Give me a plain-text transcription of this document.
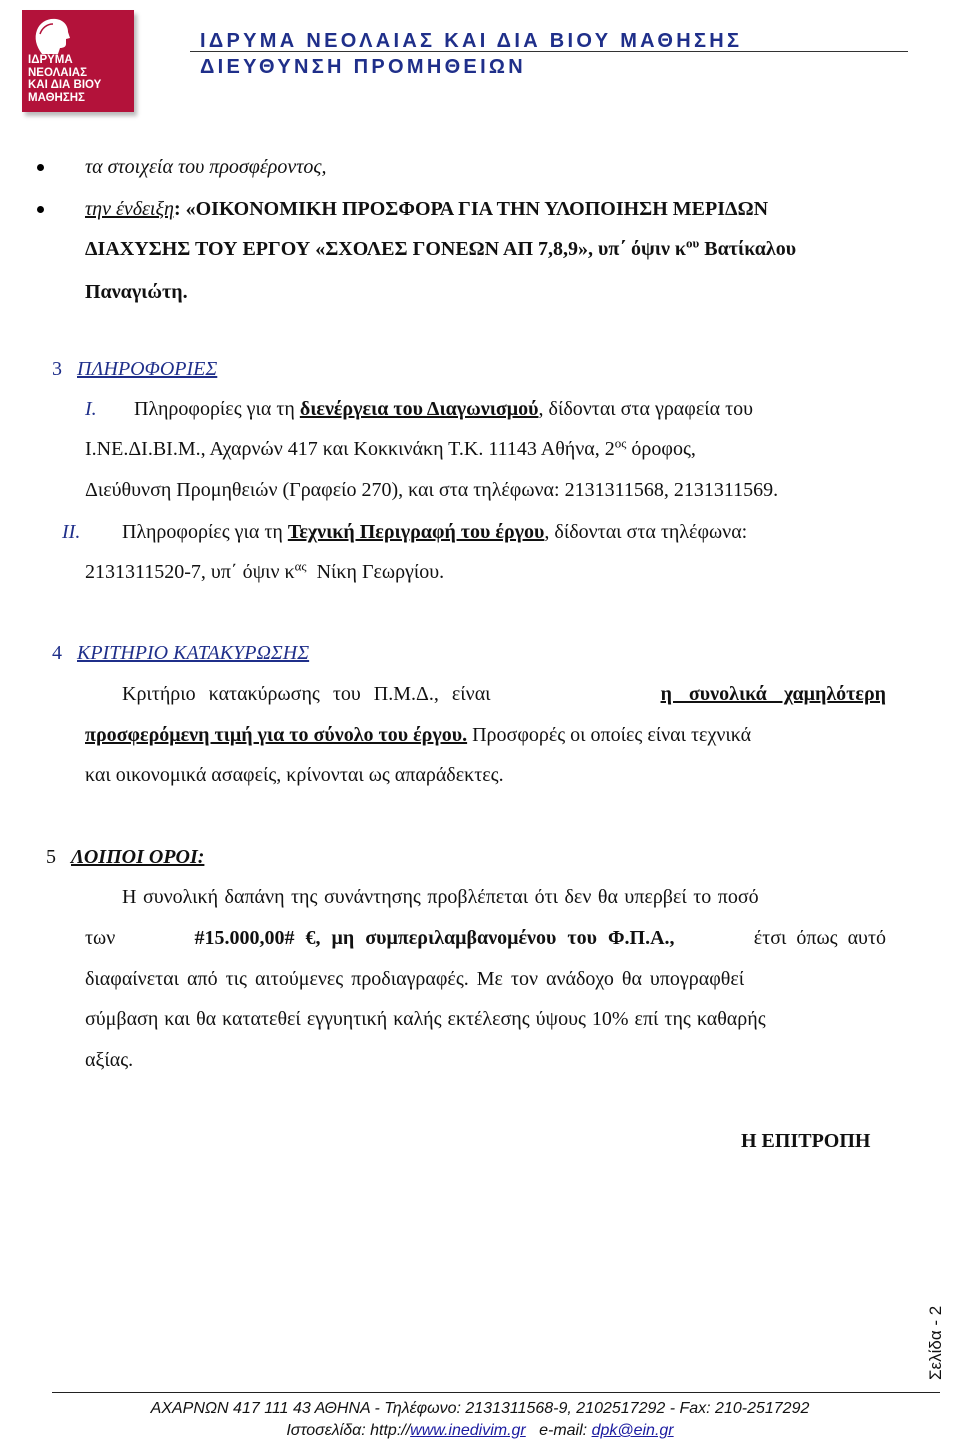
ΙΔΡΥΜΑ
ΝΕΟΛΑΙΑΣ
ΚΑΙ ΔΙΑ ΒΙΟΥ
ΜΑΘΗΣΗΣ
ΙΔΡΥΜΑ ΝΕΟΛΑΙΑΣ ΚΑΙ ΔΙΑ ΒΙΟΥ ΜΑΘΗΣΗΣ
ΔΙΕΥΘΥΝΣΗ ΠΡΟΜΗΘΕΙΩΝ
τα στοιχεία του προσφέροντος,
την ένδειξη: «ΟΙΚΟΝΟΜΙΚΗ ΠΡΟΣΦΟΡΑ ΓΙΑ ΤΗΝ ΥΛΟΠΟΙΗΣΗ ΜΕΡΙΔΩΝ
ΔΙΑΧΥΣΗΣ ΤΟΥ ΕΡΓΟΥ «ΣΧΟΛΕΣ ΓΟΝΕΩΝ ΑΠ 7,8,9», υπ΄ όψιν $\kappa^{o\upsilon}$ Βατίκαλου
Παναγιώτη.
3 ΠΛΗΡΟΦΟΡΙΕΣ
I. Πληροφορίες για τη διενέργεια του Διαγωνισμού, δίδονται στα γραφεία του
Ι.ΝΕ.ΔΙ.ΒΙ.Μ., Αχαρνών 417 και Κοκκινάκη Τ.Κ. 11143 Αθήνα, $2^{o\varsigma}$ όροφος,
Διεύθυνση Προμηθειών (Γραφείο 270), και στα τηλέφωνα: 2131311568, 2131311569.
II. Πληροφορίες για τη Τεχνική Περιγραφή του έργου, δίδονται στα τηλέφωνα:
2131311520-7, υπ΄ όψιν $\kappa^{\alpha\varsigma}$ Νίκη Γεωργίου.
4 ΚΡΙΤΗΡΙΟ ΚΑΤΑΚΥΡΩΣΗΣ
Κριτήριο κατακύρωσης του Π.Μ.Δ., είναι	η συνολικά χαμηλότερη
προσφερόμενη τιμή για το σύνολο του έργου. Προσφορές οι οποίες είναι τεχνικά
και οικονομικά ασαφείς, κρίνονται ως απαράδεκτες.
5 ΛΟΙΠΟΙ ΟΡΟΙ:
Η συνολική δαπάνη της συνάντησης προβλέπεται ότι δεν θα υπερβεί το ποσό
των	#15.000,00# €, μη συμπεριλαμβανομένου του Φ.Π.Α.,	έτσι όπως αυτό
διαφαίνεται από τις αιτούμενες προδιαγραφές. Με τον ανάδοχο θα υπογραφθεί
σύμβαση και θα κατατεθεί εγγυητική καλής εκτέλεσης ύψους 10% επί της καθαρής
αξίας.
Η ΕΠΙΤΡΟΠΗ
Σελίδα - 2
ΑΧΑΡΝΩΝ 417 111 43 ΑΘΗΝΑ - Τηλέφωνο: 2131311568-9, 2102517292 - Fax: 210-2517292
Ιστοσελίδα: http://www.inedivim.gr e-mail: dpk@ein.gr
